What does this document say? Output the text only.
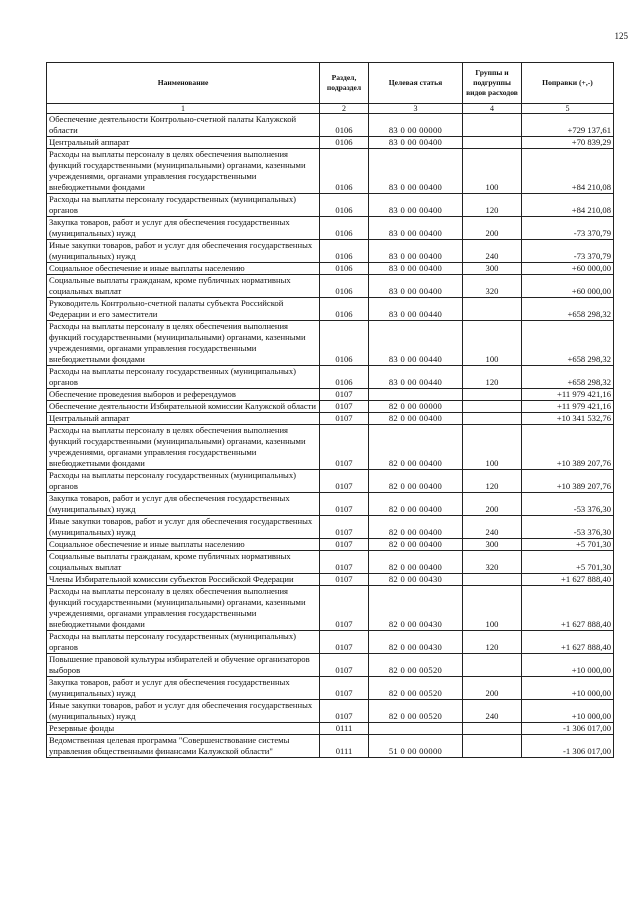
125
Наименование	Раздел, подраздел	Целевая статья	Группы и подгруппы видов расходов	Поправки (+,-)
1	2	3	4	5
Обеспечение деятельности Контрольно-счетной палаты Калужской области	0106	83 0 00 00000		+729 137,61
Центральный аппарат	0106	83 0 00 00400		+70 839,29
Расходы на выплаты персоналу в целях обеспечения выполнения функций государственными (муниципальными) органами, казенными учреждениями, органами управления государственными внебюджетными фондами	0106	83 0 00 00400	100	+84 210,08
Расходы на выплаты персоналу государственных (муниципальных) органов	0106	83 0 00 00400	120	+84 210,08
Закупка товаров, работ и услуг для обеспечения государственных (муниципальных) нужд	0106	83 0 00 00400	200	-73 370,79
Иные закупки товаров, работ и услуг для обеспечения государственных (муниципальных) нужд	0106	83 0 00 00400	240	-73 370,79
Социальное обеспечение и иные выплаты населению	0106	83 0 00 00400	300	+60 000,00
Социальные выплаты гражданам, кроме публичных нормативных социальных выплат	0106	83 0 00 00400	320	+60 000,00
Руководитель Контрольно-счетной палаты субъекта Российской Федерации и его заместители	0106	83 0 00 00440		+658 298,32
Расходы на выплаты персоналу в целях обеспечения выполнения функций государственными (муниципальными) органами, казенными учреждениями, органами управления государственными внебюджетными фондами	0106	83 0 00 00440	100	+658 298,32
Расходы на выплаты персоналу государственных (муниципальных) органов	0106	83 0 00 00440	120	+658 298,32
Обеспечение проведения выборов и референдумов	0107			+11 979 421,16
Обеспечение деятельности Избирательной комиссии Калужской области	0107	82 0 00 00000		+11 979 421,16
Центральный аппарат	0107	82 0 00 00400		+10 341 532,76
Расходы на выплаты персоналу в целях обеспечения выполнения функций государственными (муниципальными) органами, казенными учреждениями, органами управления государственными внебюджетными фондами	0107	82 0 00 00400	100	+10 389 207,76
Расходы на выплаты персоналу государственных (муниципальных) органов	0107	82 0 00 00400	120	+10 389 207,76
Закупка товаров, работ и услуг для обеспечения государственных (муниципальных) нужд	0107	82 0 00 00400	200	-53 376,30
Иные закупки товаров, работ и услуг для обеспечения государственных (муниципальных) нужд	0107	82 0 00 00400	240	-53 376,30
Социальное обеспечение и иные выплаты населению	0107	82 0 00 00400	300	+5 701,30
Социальные выплаты гражданам, кроме публичных нормативных социальных выплат	0107	82 0 00 00400	320	+5 701,30
Члены Избирательной комиссии субъектов Российской Федерации	0107	82 0 00 00430		+1 627 888,40
Расходы на выплаты персоналу в целях обеспечения выполнения функций государственными (муниципальными) органами, казенными учреждениями, органами управления государственными внебюджетными фондами	0107	82 0 00 00430	100	+1 627 888,40
Расходы на выплаты персоналу государственных (муниципальных) органов	0107	82 0 00 00430	120	+1 627 888,40
Повышение правовой культуры избирателей и обучение организаторов выборов	0107	82 0 00 00520		+10 000,00
Закупка товаров, работ и услуг для обеспечения государственных (муниципальных) нужд	0107	82 0 00 00520	200	+10 000,00
Иные закупки товаров, работ и услуг для обеспечения государственных (муниципальных) нужд	0107	82 0 00 00520	240	+10 000,00
Резервные фонды	0111			-1 306 017,00
Ведомственная целевая программа "Совершенствование системы управления общественными финансами Калужской области"	0111	51 0 00 00000		-1 306 017,00
